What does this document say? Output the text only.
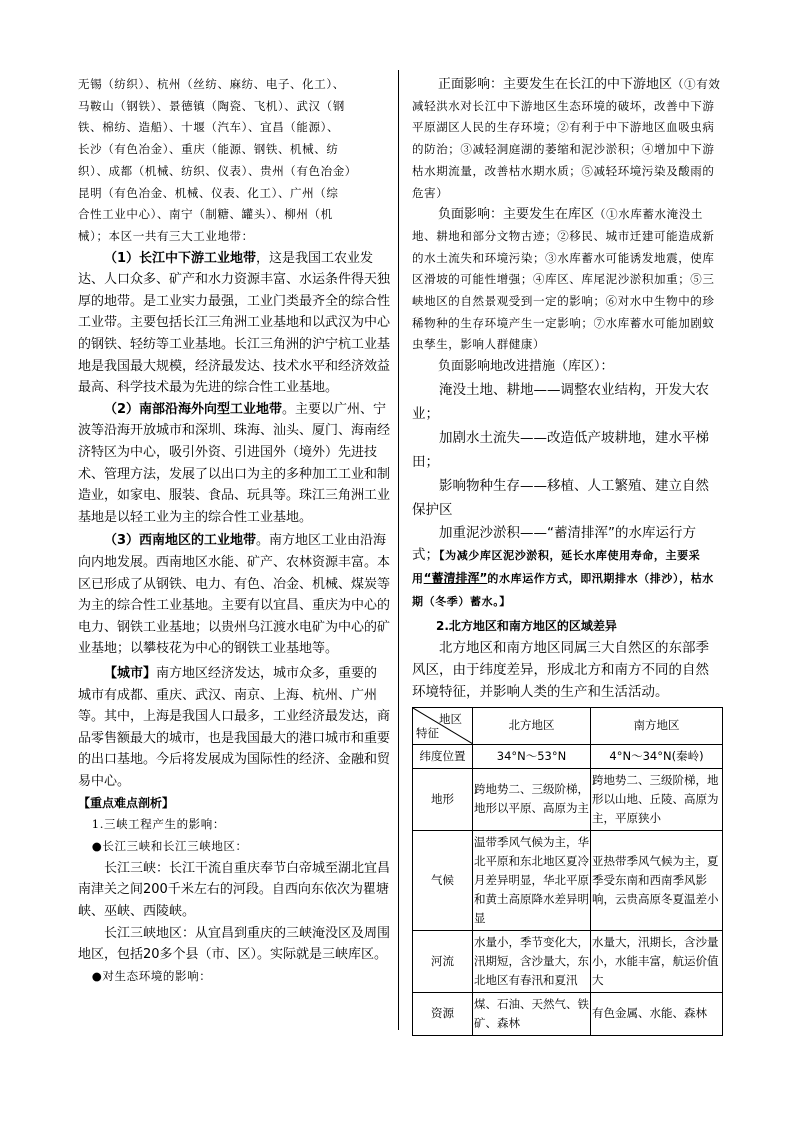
无锡（纺织）、杭州（丝纺、麻纺、电子、化工）、
马鞍山（钢铁）、景德镇（陶瓷、飞机）、武汉（钢
铁、棉纺、造船）、十堰（汽车）、宜昌（能源）、
长沙（有色冶金）、重庆（能源、钢铁、机械、纺
织）、成都（机械、纺织、仪表）、贵州（有色冶金）
昆明（有色冶金、机械、仪表、化工）、广州（综
合性工业中心）、南宁（制糖、罐头）、柳州（机
械）；本区一共有三大工业地带：

（1）长江中下游工业地带，这是我国工农业发达、人口众多、矿产和水力资源丰富、水运条件得天独厚的地带。是工业实力最强，工业门类最齐全的综合性工业带。主要包括长江三角洲工业基地和以武汉为中心的钢铁、轻纺等工业基地。长江三角洲的沪宁杭工业基地是我国最大规模，经济最发达、技术水平和经济效益最高、科学技术最为先进的综合性工业基地。

（2）南部沿海外向型工业地带。主要以广州、宁波等沿海开放城市和深圳、珠海、汕头、厦门、海南经济特区为中心，吸引外资、引进国外（境外）先进技术、管理方法，发展了以出口为主的多种加工工业和制造业，如家电、服装、食品、玩具等。珠江三角洲工业基地是以轻工业为主的综合性工业基地。

（3）西南地区的工业地带。南方地区工业由沿海向内地发展。西南地区水能、矿产、农林资源丰富。本区已形成了从钢铁、电力、有色、冶金、机械、煤炭等为主的综合性工业基地。主要有以宜昌、重庆为中心的电力、钢铁工业基地；以贵州乌江渡水电矿为中心的矿业基地；以攀枝花为中心的钢铁工业基地等。

【城市】南方地区经济发达，城市众多，重要的城市有成都、重庆、武汉、南京、上海、杭州、广州等。其中，上海是我国人口最多，工业经济最发达，商品零售额最大的城市，也是我国最大的港口城市和重要的出口基地。今后将发展成为国际性的经济、金融和贸易中心。

【重点难点剖析】
1.三峡工程产生的影响：
●长江三峡和长江三峡地区：

长江三峡：长江干流自重庆奉节白帝城至湖北宜昌南津关之间200千米左右的河段。自西向东依次为瞿塘峡、巫峡、西陵峡。

长江三峡地区：从宜昌到重庆的三峡淹没区及周围地区，包括20多个县（市、区）。实际就是三峡库区。

●对生态环境的影响：

正面影响：主要发生在长江的中下游地区（①有效减轻洪水对长江中下游地区生态环境的破坏，改善中下游平原湖区人民的生存环境；②有利于中下游地区血吸虫病的防治；③减轻洞庭湖的萎缩和泥沙淤积；④增加中下游枯水期流量，改善枯水期水质；⑤减轻环境污染及酸雨的危害）

负面影响：主要发生在库区（①水库蓄水淹没土地、耕地和部分文物古迹；②移民、城市迁建可能造成新的水土流失和环境污染；③水库蓄水可能诱发地震，使库区滑坡的可能性增强；④库区、库尾泥沙淤积加重；⑤三峡地区的自然景观受到一定的影响；⑥对水中生物中的珍稀物种的生存环境产生一定影响；⑦水库蓄水可能加剧蚊虫孳生，影响人群健康）

负面影响地改进措施（库区）：

淹没土地、耕地——调整农业结构，开发大农业；

加剧水土流失——改造低产坡耕地，建水平梯田；

影响物种生存——移植、人工繁殖、建立自然保护区

加重泥沙淤积——“蓄清排浑”的水库运行方式；【为减少库区泥沙淤积，延长水库使用寿命，主要采用“蓄清排浑”的水库运作方式，即汛期排水（排沙），枯水期（冬季）蓄水。】

2.北方地区和南方地区的区域差异

北方地区和南方地区同属三大自然区的东部季风区，由于纬度差异，形成北方和南方不同的自然环境特征，并影响人类的生产和生活活动。

地区
特征	北方地区	南方地区
纬度位置	34°N～53°N	4°N～34°N(秦岭)
地形	跨地势二、三级阶梯，地形以平原、高原为主	跨地势二、三级阶梯，地形以山地、丘陵、高原为主，平原狭小
气候	温带季风气候为主，华北平原和东北地区夏冷月差异明显，华北平原和黄土高原降水差异明显	亚热带季风气候为主，夏季受东南和西南季风影响，云贵高原冬夏温差小
河流	水量小，季节变化大，汛期短，含沙量大，东北地区有春汛和夏汛	水量大，汛期长，含沙量小，水能丰富，航运价值大
资源	煤、石油、天然气、铁矿、森林	有色金属、水能、森林
